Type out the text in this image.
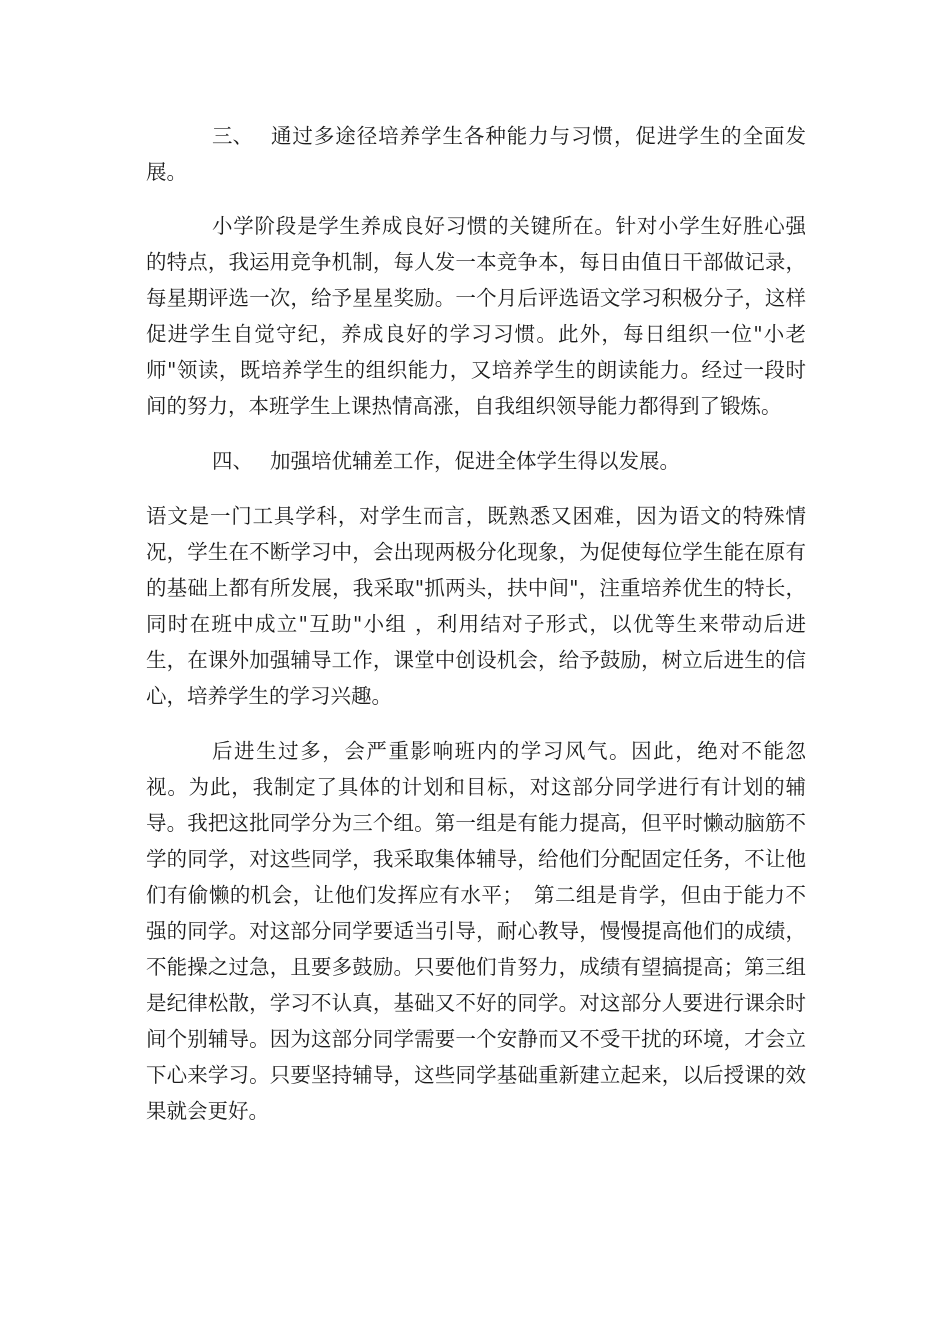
三、 通过多途径培养学生各种能力与习惯，促进学生的全面发展。

小学阶段是学生养成良好习惯的关键所在。针对小学生好胜心强的特点，我运用竞争机制，每人发一本竞争本，每日由值日干部做记录，每星期评选一次，给予星星奖励。一个月后评选语文学习积极分子，这样促进学生自觉守纪，养成良好的学习习惯。此外，每日组织一位"小老师"领读，既培养学生的组织能力，又培养学生的朗读能力。经过一段时间的努力，本班学生上课热情高涨，自我组织领导能力都得到了锻炼。

四、 加强培优辅差工作，促进全体学生得以发展。

语文是一门工具学科，对学生而言，既熟悉又困难，因为语文的特殊情况，学生在不断学习中，会出现两极分化现象，为促使每位学生能在原有的基础上都有所发展，我采取"抓两头，扶中间"，注重培养优生的特长，同时在班中成立"互助"小组 ，利用结对子形式，以优等生来带动后进生，在课外加强辅导工作，课堂中创设机会，给予鼓励，树立后进生的信心，培养学生的学习兴趣。

后进生过多，会严重影响班内的学习风气。因此，绝对不能忽视。为此，我制定了具体的计划和目标，对这部分同学进行有计划的辅导。我把这批同学分为三个组。第一组是有能力提高，但平时懒动脑筋不学的同学，对这些同学，我采取集体辅导，给他们分配固定任务，不让他们有偷懒的机会，让他们发挥应有水平；　第二组是肯学，但由于能力不强的同学。对这部分同学要适当引导，耐心教导，慢慢提高他们的成绩，不能操之过急，且要多鼓励。只要他们肯努力，成绩有望搞提高；第三组是纪律松散，学习不认真，基础又不好的同学。对这部分人要进行课余时间个别辅导。因为这部分同学需要一个安静而又不受干扰的环境，才会立下心来学习。只要坚持辅导，这些同学基础重新建立起来，以后授课的效果就会更好。
